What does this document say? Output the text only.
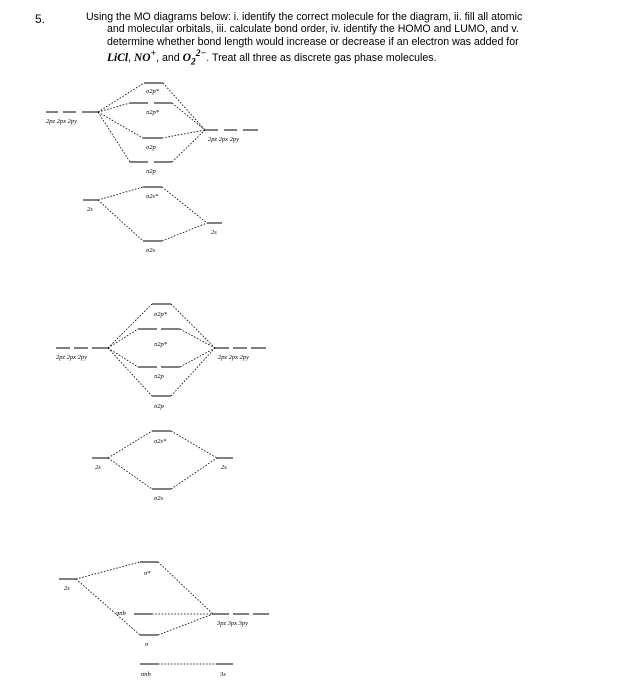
5.	Using the MO diagrams below: i. identify the correct molecule for the diagram, ii. fill all atomic
and molecular orbitals, iii. calculate bond order, iv. identify the HOMO and LUMO, and v.
determine whether bond length would increase or decrease if an electron was added for
LiCl, NO+, and $O_2^{2-}$. Treat all three as discrete gas phase molecules.
2pz 2px 2py
2pz 2px 2py
2s
2s
σ2p*
π2p*
σ2p
π2p
σ2s*
σ2s
2pz 2px 2py	2pz 2px 2py
2s	2s
σ2p*
π2p*
π2p
σ2p
σ2s*
σ2s
2s
σ*
πnb
σ
σnb
3pz 3px 3py
3s
